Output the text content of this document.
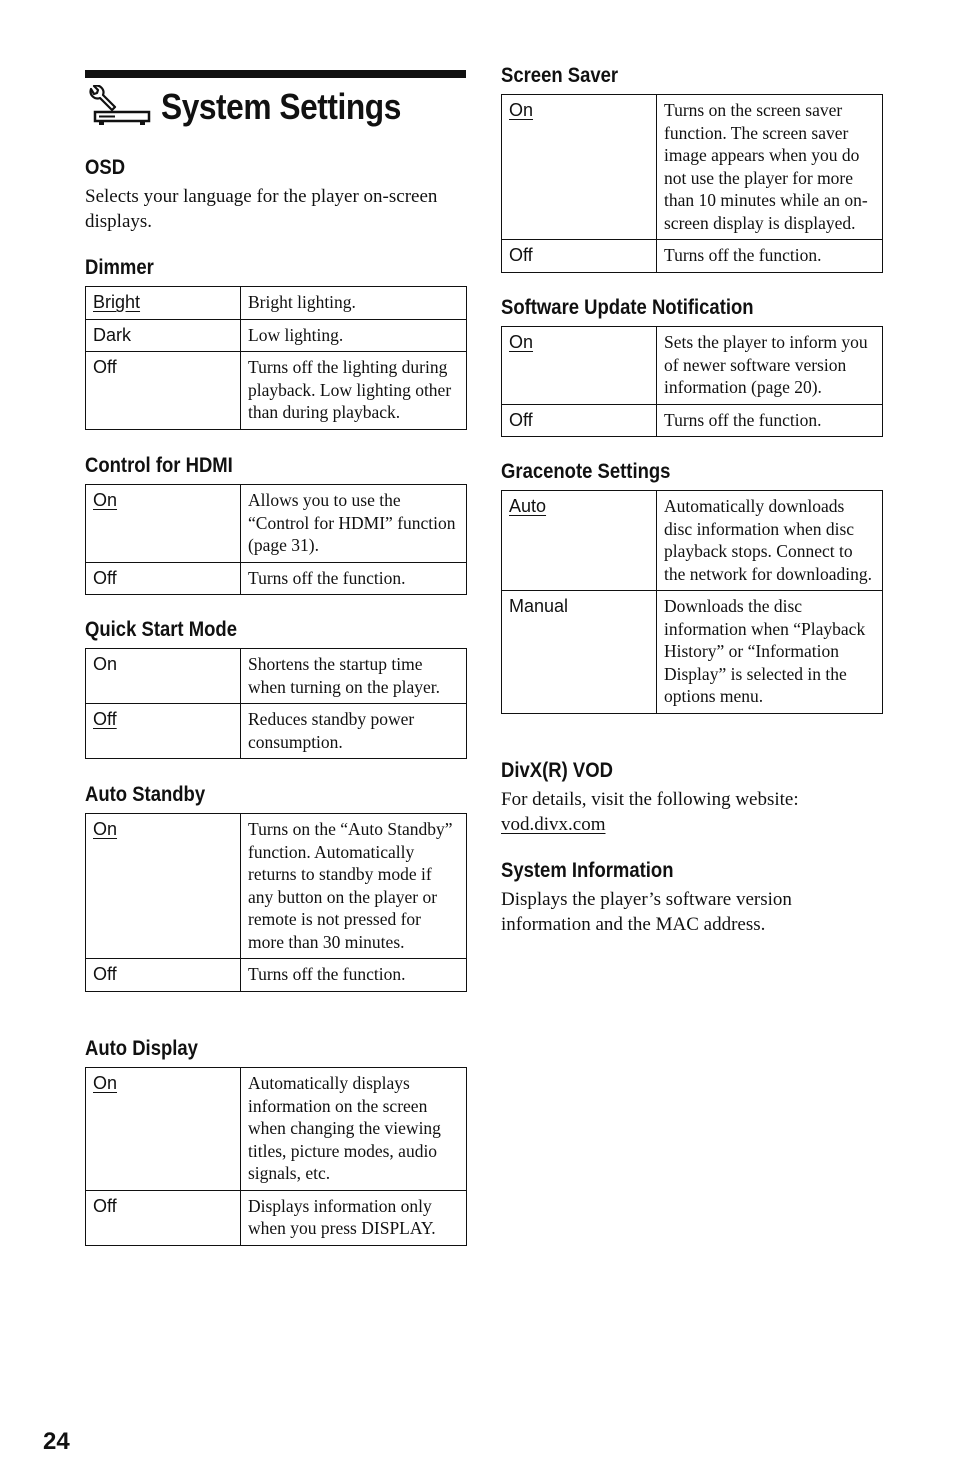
System Settings
OSD
Selects your language for the player on-screen displays.
Dimmer
Bright	Bright lighting.
Dark	Low lighting.
Off	Turns off the lighting during playback. Low lighting other than during playback.
Control for HDMI
On	Allows you to use the “Control for HDMI” function (page 31).
Off	Turns off the function.
Quick Start Mode
On	Shortens the startup time when turning on the player.
Off	Reduces standby power consumption.
Auto Standby
On	Turns on the “Auto Standby” function. Automatically returns to standby mode if any button on the player or remote is not pressed for more than 30 minutes.
Off	Turns off the function.
Auto Display
On	Automatically displays information on the screen when changing the viewing titles, picture modes, audio signals, etc.
Off	Displays information only when you press DISPLAY.
Screen Saver
On	Turns on the screen saver function. The screen saver image appears when you do not use the player for more than 10 minutes while an on-screen display is displayed.
Off	Turns off the function.
Software Update Notification
On	Sets the player to inform you of newer software version information (page 20).
Off	Turns off the function.
Gracenote Settings
Auto	Automatically downloads disc information when disc playback stops. Connect to the network for downloading.
Manual	Downloads the disc information when “Playback History” or “Information Display” is selected in the options menu.
DivX(R) VOD
For details, visit the following website:
vod.divx.com
System Information
Displays the player’s software version information and the MAC address.
24
